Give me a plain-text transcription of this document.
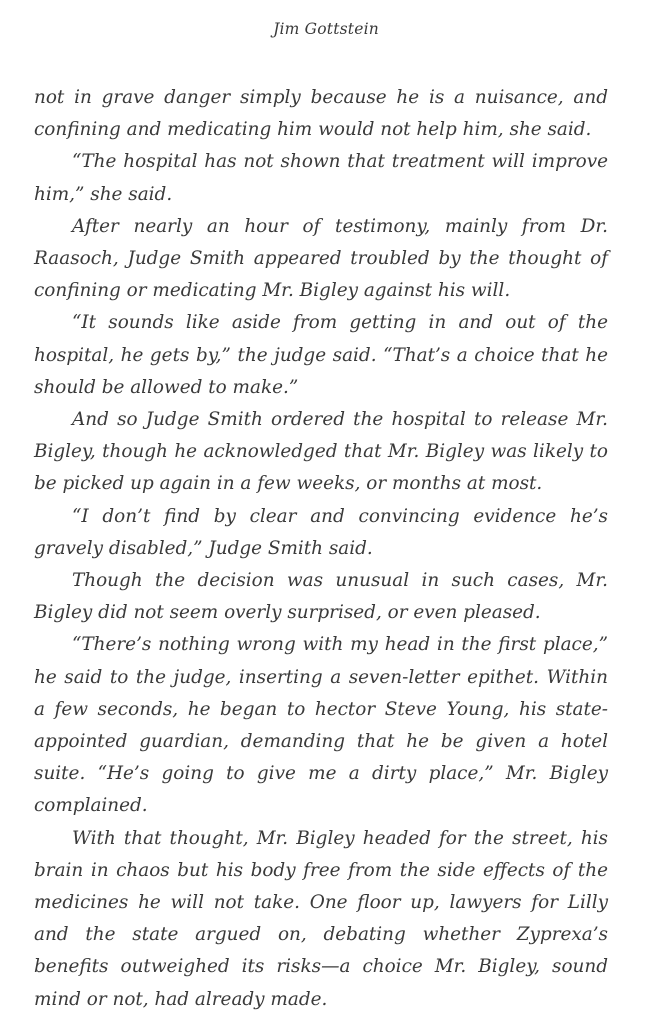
Jim Gottstein

not in grave danger simply because he is a nuisance, and confining and medicating him would not help him, she said.

“The hospital has not shown that treatment will improve him,” she said.

After nearly an hour of testimony, mainly from Dr. Raasoch, Judge Smith appeared troubled by the thought of confining or medicating Mr. Bigley against his will.

“It sounds like aside from getting in and out of the hospital, he gets by,” the judge said. “That’s a choice that he should be allowed to make.”

And so Judge Smith ordered the hospital to release Mr. Bigley, though he acknowledged that Mr. Bigley was likely to be picked up again in a few weeks, or months at most.

“I don’t find by clear and convincing evidence he’s gravely disabled,” Judge Smith said.

Though the decision was unusual in such cases, Mr. Bigley did not seem overly surprised, or even pleased.

“There’s nothing wrong with my head in the first place,” he said to the judge, inserting a seven-letter epithet. Within a few seconds, he began to hector Steve Young, his state-appointed guardian, demanding that he be given a hotel suite. “He’s going to give me a dirty place,” Mr. Bigley complained.

With that thought, Mr. Bigley headed for the street, his brain in chaos but his body free from the side effects of the medicines he will not take. One floor up, lawyers for Lilly and the state argued on, debating whether Zyprexa’s benefits outweighed its risks—a choice Mr. Bigley, sound mind or not, had already made.
